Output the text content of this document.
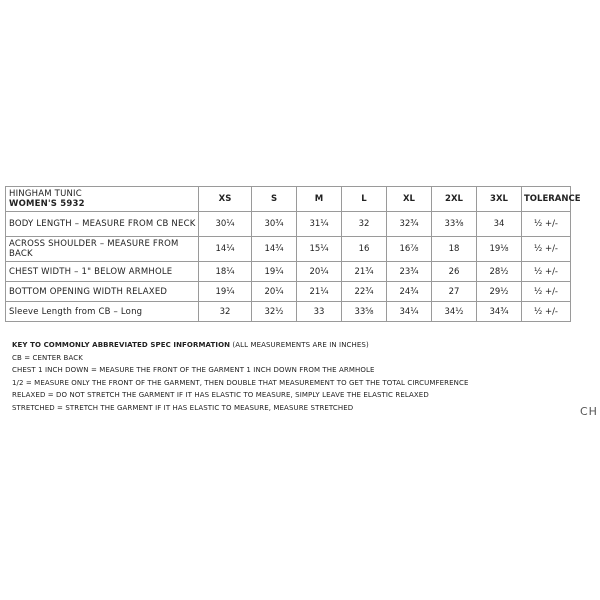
HINGHAM TUNIC
WOMEN'S 5932	XS	S	M	L	XL	2XL	3XL	TOLERANCE
BODY LENGTH – MEASURE FROM CB NECK	30¼	30¾	31¼	32	32¾	33⅜	34	½ +/-
ACROSS SHOULDER – MEASURE FROM BACK	14¼	14¾	15¼	16	16⅞	18	19⅛	½ +/-
CHEST WIDTH – 1" BELOW ARMHOLE	18¼	19¼	20¼	21¾	23¾	26	28½	½ +/-
BOTTOM OPENING WIDTH RELAXED	19¼	20¼	21¼	22¾	24¾	27	29½	½ +/-
Sleeve Length from CB – Long	32	32½	33	33⅝	34¼	34½	34¾	½ +/-
KEY TO COMMONLY ABBREVIATED SPEC INFORMATION (ALL MEASUREMENTS ARE IN INCHES)
CB = CENTER BACK
CHEST 1 INCH DOWN = MEASURE THE FRONT OF THE GARMENT 1 INCH DOWN FROM THE ARMHOLE
1/2 = MEASURE ONLY THE FRONT OF THE GARMENT, THEN DOUBLE THAT MEASUREMENT TO GET THE TOTAL CIRCUMFERENCE
RELAXED = DO NOT STRETCH THE GARMENT IF IT HAS ELASTIC TO MEASURE, SIMPLY LEAVE THE ELASTIC RELAXED
STRETCHED = STRETCH THE GARMENT IF IT HAS ELASTIC TO MEASURE, MEASURE STRETCHED	CH
